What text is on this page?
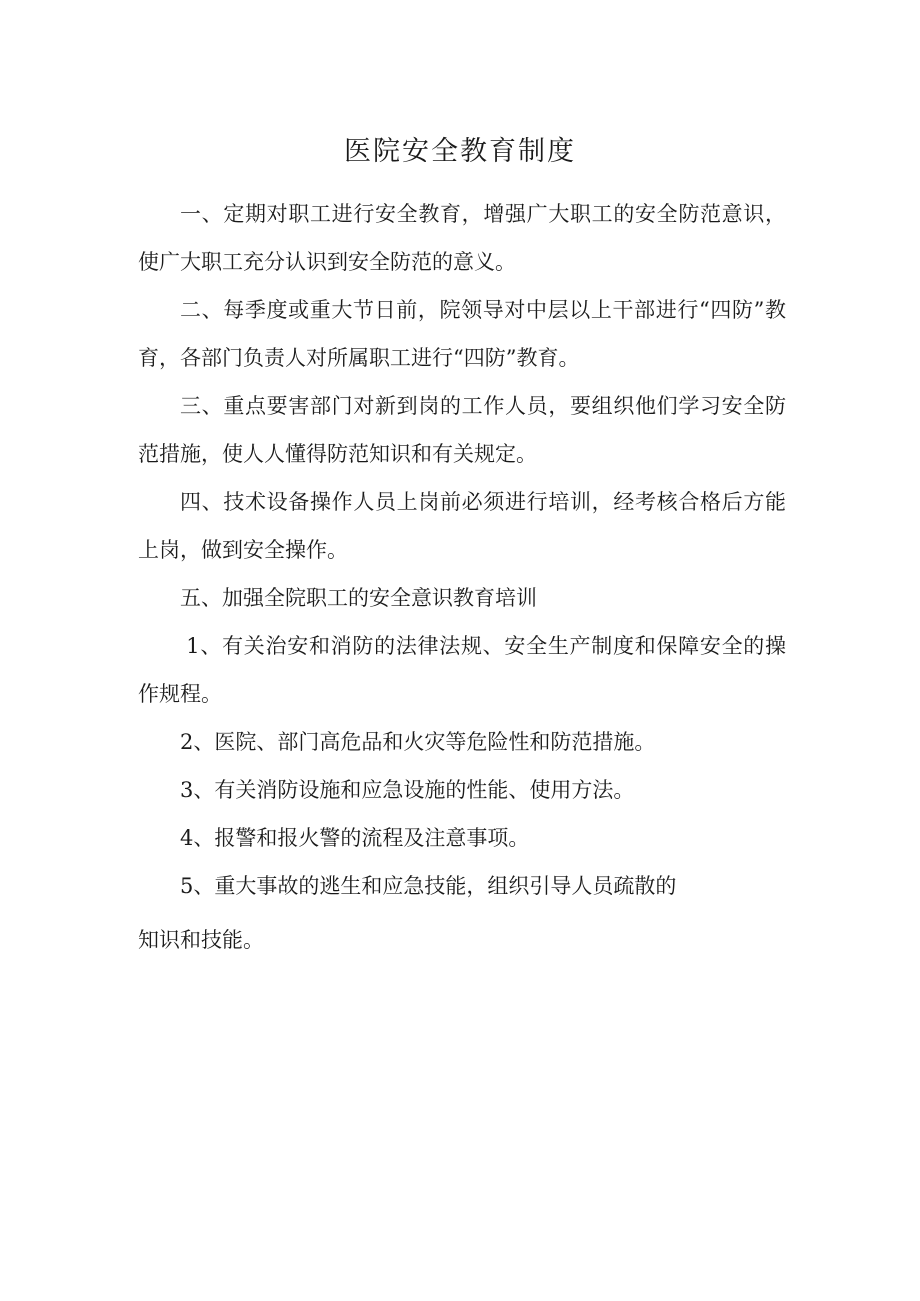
医院安全教育制度

一、定期对职工进行安全教育，增强广大职工的安全防范意识，使广大职工充分认识到安全防范的意义。

二、每季度或重大节日前，院领导对中层以上干部进行“四防”教育，各部门负责人对所属职工进行“四防”教育。

三、重点要害部门对新到岗的工作人员，要组织他们学习安全防范措施，使人人懂得防范知识和有关规定。

四、技术设备操作人员上岗前必须进行培训，经考核合格后方能上岗，做到安全操作。

五、加强全院职工的安全意识教育培训

1、有关治安和消防的法律法规、安全生产制度和保障安全的操作规程。

2、医院、部门高危品和火灾等危险性和防范措施。

3、有关消防设施和应急设施的性能、使用方法。

4、报警和报火警的流程及注意事项。

5、重大事故的逃生和应急技能，组织引导人员疏散的

知识和技能。
